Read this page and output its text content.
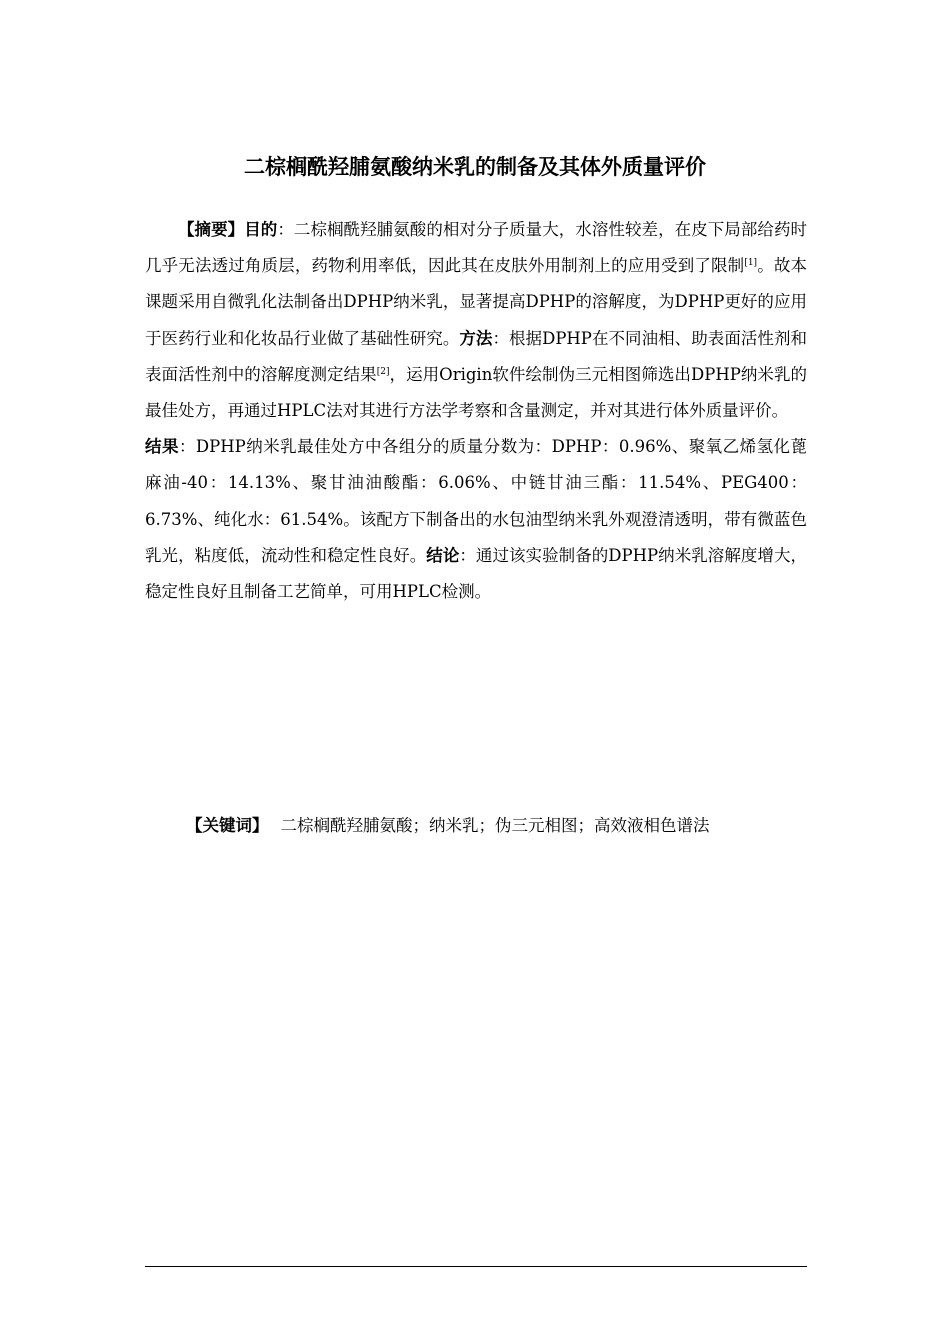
二棕榈酰羟脯氨酸纳米乳的制备及其体外质量评价

【摘要】目的：二棕榈酰羟脯氨酸的相对分子质量大，水溶性较差，在皮下局部给药时几乎无法透过角质层，药物利用率低，因此其在皮肤外用制剂上的应用受到了限制[1]。故本课题采用自微乳化法制备出DPHP纳米乳，显著提高DPHP的溶解度，为DPHP更好的应用于医药行业和化妆品行业做了基础性研究。方法：根据DPHP在不同油相、助表面活性剂和表面活性剂中的溶解度测定结果[2]，运用Origin软件绘制伪三元相图筛选出DPHP纳米乳的最佳处方，再通过HPLC法对其进行方法学考察和含量测定，并对其进行体外质量评价。
结果：DPHP纳米乳最佳处方中各组分的质量分数为：DPHP：0.96%、聚氧乙烯氢化蓖麻油-40：14.13%、聚甘油油酸酯：6.06%、中链甘油三酯：11.54%、PEG400：6.73%、纯化水：61.54%。该配方下制备出的水包油型纳米乳外观澄清透明，带有微蓝色乳光，粘度低，流动性和稳定性良好。结论：通过该实验制备的DPHP纳米乳溶解度增大，稳定性良好且制备工艺简单，可用HPLC检测。

【关键词】 二棕榈酰羟脯氨酸；纳米乳；伪三元相图；高效液相色谱法
